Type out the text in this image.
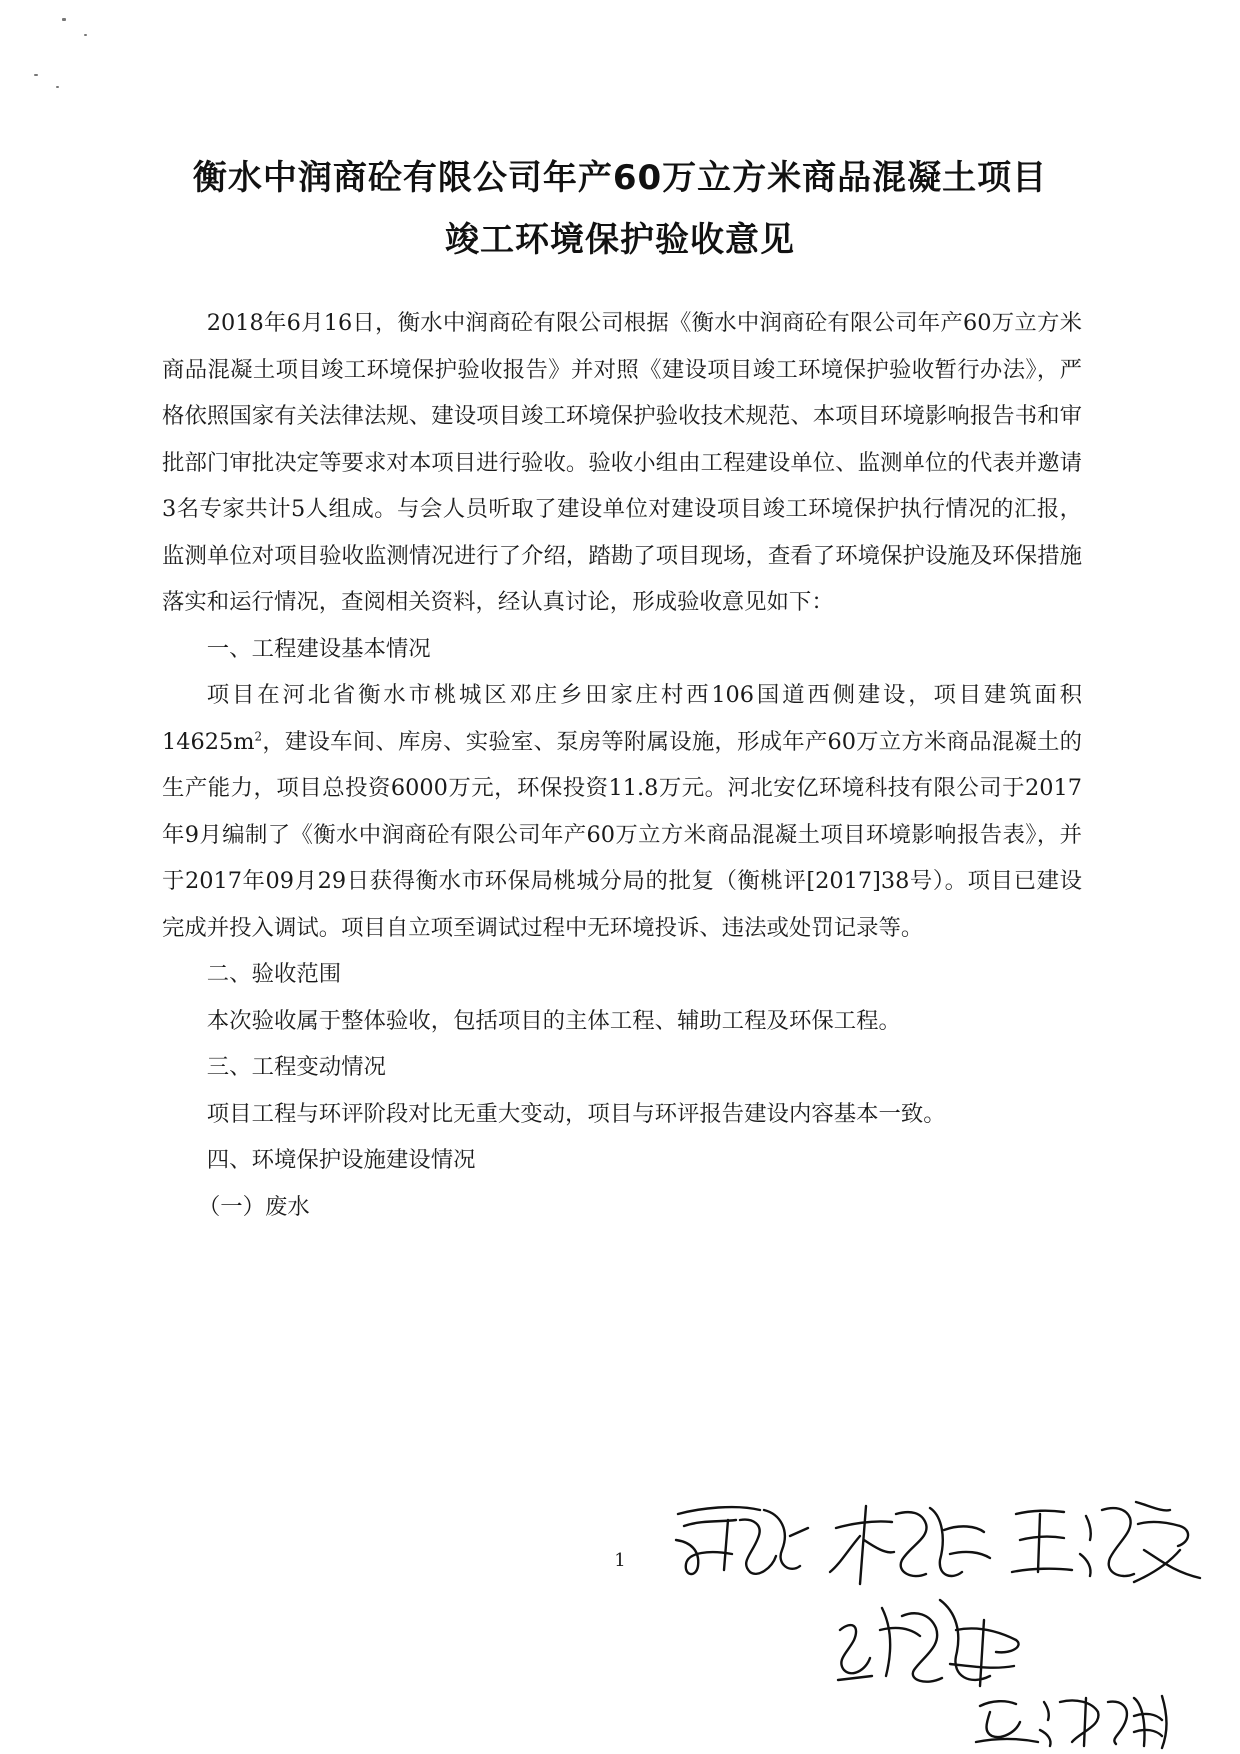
衡水中润商砼有限公司年产60万立方米商品混凝土项目
竣工环境保护验收意见

2018年6月16日，衡水中润商砼有限公司根据《衡水中润商砼有限公司年产60万立方米商品混凝土项目竣工环境保护验收报告》并对照《建设项目竣工环境保护验收暂行办法》，严格依照国家有关法律法规、建设项目竣工环境保护验收技术规范、本项目环境影响报告书和审批部门审批决定等要求对本项目进行验收。验收小组由工程建设单位、监测单位的代表并邀请3名专家共计5人组成。与会人员听取了建设单位对建设项目竣工环境保护执行情况的汇报，监测单位对项目验收监测情况进行了介绍，踏勘了项目现场，查看了环境保护设施及环保措施落实和运行情况，查阅相关资料，经认真讨论，形成验收意见如下：

一、工程建设基本情况

项目在河北省衡水市桃城区邓庄乡田家庄村西106国道西侧建设，项目建筑面积$14625m^2$，建设车间、库房、实验室、泵房等附属设施，形成年产60万立方米商品混凝土的生产能力，项目总投资6000万元，环保投资11.8万元。河北安亿环境科技有限公司于2017年9月编制了《衡水中润商砼有限公司年产60万立方米商品混凝土项目环境影响报告表》，并于2017年09月29日获得衡水市环保局桃城分局的批复（衡桃评[2017]38号）。项目已建设完成并投入调试。项目自立项至调试过程中无环境投诉、违法或处罚记录等。

二、验收范围

本次验收属于整体验收，包括项目的主体工程、辅助工程及环保工程。

三、工程变动情况

项目工程与环评阶段对比无重大变动，项目与环评报告建设内容基本一致。

四、环境保护设施建设情况

（一）废水

1
